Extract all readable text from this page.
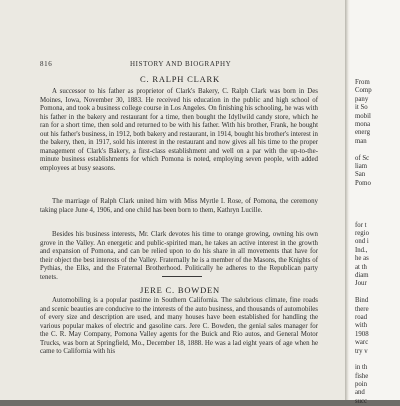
816	HISTORY AND BIOGRAPHY
C. RALPH CLARK

A successor to his father as proprietor of Clark's Bakery, C. Ralph Clark was born in Des Moines, Iowa, November 30, 1883. He received his education in the public and high school of Pomona, and took a business college course in Los Angeles. On finishing his schooling, he was with his father in the bakery and restaurant for a time, then bought the Idyllwild candy store, which he ran for a short time, then sold and returned to be with his father. With his brother, Frank, he bought out his father's business, in 1912, both bakery and restaurant, in 1914, bought his brother's interest in the bakery, then, in 1917, sold his interest in the restaurant and now gives all his time to the proper management of Clark's Bakery, a first-class establishment and well on a par with the up-to-the-minute business establishments for which Pomona is noted, employing seven people, with added employees at busy seasons.

The marriage of Ralph Clark united him with Miss Myrtle I. Rose, of Pomona, the ceremony taking place June 4, 1906, and one child has been born to them, Kathryn Lucille.

Besides his business interests, Mr. Clark devotes his time to orange growing, owning his own grove in the Valley. An energetic and public-spirited man, he takes an active interest in the growth and expansion of Pomona, and can be relied upon to do his share in all movements that have for their object the best interests of the Valley. Fraternally he is a member of the Masons, the Knights of Pythias, the Elks, and the Fraternal Brotherhood. Politically he adheres to the Republican party tenets.

JERE C. BOWDEN

Automobiling is a popular pastime in Southern California. The salubrious climate, fine roads and scenic beauties are conducive to the interests of the auto business, and thousands of automobiles of every size and description are used, and many houses have been established for handling the various popular makes of electric and gasoline cars. Jere C. Bowden, the genial sales manager for the C. R. May Company, Pomona Valley agents for the Buick and Rio autos, and General Motor Trucks, was born at Springfield, Mo., December 18, 1888. He was a lad eight years of age when he came to California with his

From
Comp
pany
it So
mobil
mona
energ
man
of Sc
liam
San
Pomo
for t
regio
ond i
Ind.,
he as
at th
diam
Jour
Bind
there
road
with
1908
warc
try v
in th
fishe
poin
and
succ
